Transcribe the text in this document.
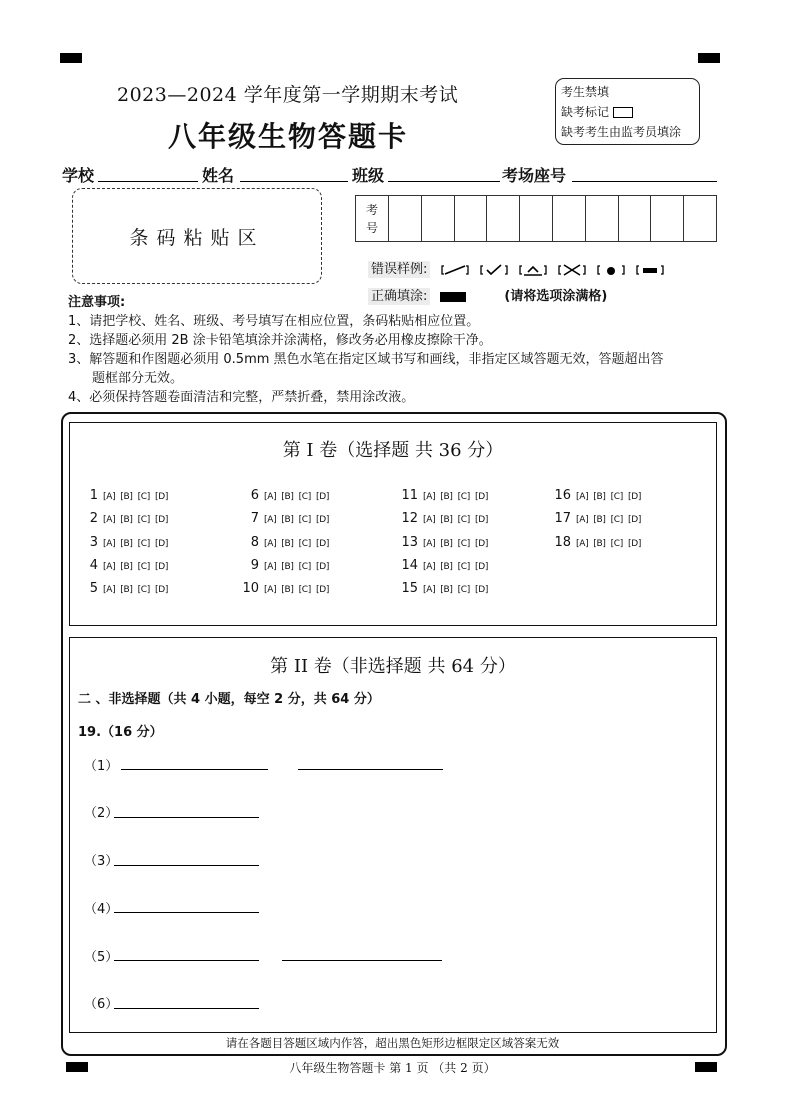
2023—2024 学年度第一学期期末考试
八年级生物答题卡
考生禁填
缺考标记
缺考考生由监考员填涂
学校	姓名	班级	考场座号
条码粘贴区
考
号
错误样例:
正确填涂:	(请将选项涂满格)
注意事项:
1、请把学校、姓名、班级、考号填写在相应位置，条码粘贴相应位置。
2、选择题必须用 2B 涂卡铅笔填涂并涂满格，修改务必用橡皮擦除干净。
3、解答题和作图题必须用 0.5mm 黑色水笔在指定区域书写和画线，非指定区域答题无效，答题超出答
题框部分无效。
4、必须保持答题卷面清洁和完整，严禁折叠，禁用涂改液。
第 I 卷（选择题 共 36 分）
1 [A] [B] [C] [D]
2 [A] [B] [C] [D]
3 [A] [B] [C] [D]
4 [A] [B] [C] [D]
5 [A] [B] [C] [D]
6 [A] [B] [C] [D]
7 [A] [B] [C] [D]
8 [A] [B] [C] [D]
9 [A] [B] [C] [D]
10 [A] [B] [C] [D]
11 [A] [B] [C] [D]
12 [A] [B] [C] [D]
13 [A] [B] [C] [D]
14 [A] [B] [C] [D]
15 [A] [B] [C] [D]
16 [A] [B] [C] [D]
17 [A] [B] [C] [D]
18 [A] [B] [C] [D]
第 II 卷（非选择题 共 64 分）
二 、非选择题（共 4 小题，每空 2 分，共 64 分）
19.（16 分）
（1）
（2）
（3）
（4）
（5）
（6）
请在各题目答题区域内作答，超出黑色矩形边框限定区域答案无效
八年级生物答题卡 第 1 页 （共 2 页）
